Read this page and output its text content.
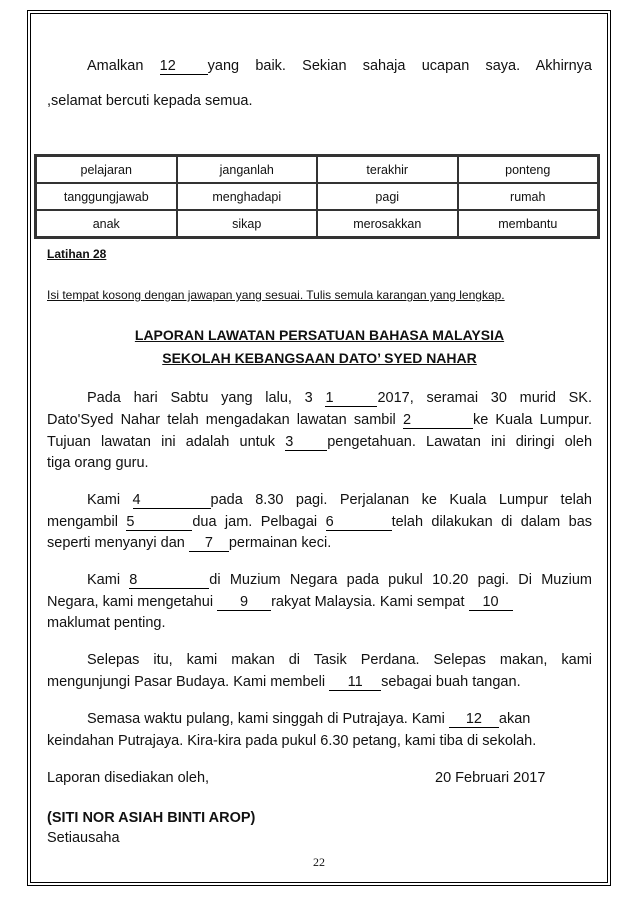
Amalkan 12 yang baik. Sekian sahaja ucapan saya. Akhirnya
,selamat bercuti kepada semua.
pelajaran	janganlah	terakhir	ponteng
tanggungjawab	menghadapi	pagi	rumah
anak	sikap	merosakkan	membantu
Latihan 28
Isi tempat kosong dengan jawapan yang sesuai. Tulis semula karangan yang lengkap.
LAPORAN LAWATAN PERSATUAN BAHASA MALAYSIA
SEKOLAH KEBANGSAAN DATO’ SYED NAHAR
Pada hari Sabtu yang lalu, 3 1	2017, seramai 30 murid SK.
Dato'Syed Nahar telah mengadakan lawatan sambil 2	ke Kuala Lumpur.
Tujuan lawatan ini adalah untuk 3 pengetahuan. Lawatan ini diringi oleh
tiga orang guru.
Kami 4	pada 8.30 pagi. Perjalanan ke Kuala Lumpur telah
mengambil 5	dua jam. Pelbagai 6	telah dilakukan di dalam bas
seperti menyanyi dan 7 permainan keci.
Kami 8	di Muzium Negara pada pukul 10.20 pagi. Di Muzium
Negara, kami mengetahui 9 rakyat Malaysia. Kami sempat 10
maklumat penting.
Selepas itu, kami makan di Tasik Perdana. Selepas makan, kami
mengunjungi Pasar Budaya. Kami membeli 11 sebagai buah tangan.
Semasa waktu pulang, kami singgah di Putrajaya. Kami 12 akan
keindahan Putrajaya. Kira-kira pada pukul 6.30 petang, kami tiba di sekolah.
Laporan disediakan oleh,	20 Februari 2017
(SITI NOR ASIAH BINTI AROP)
Setiausaha
22
